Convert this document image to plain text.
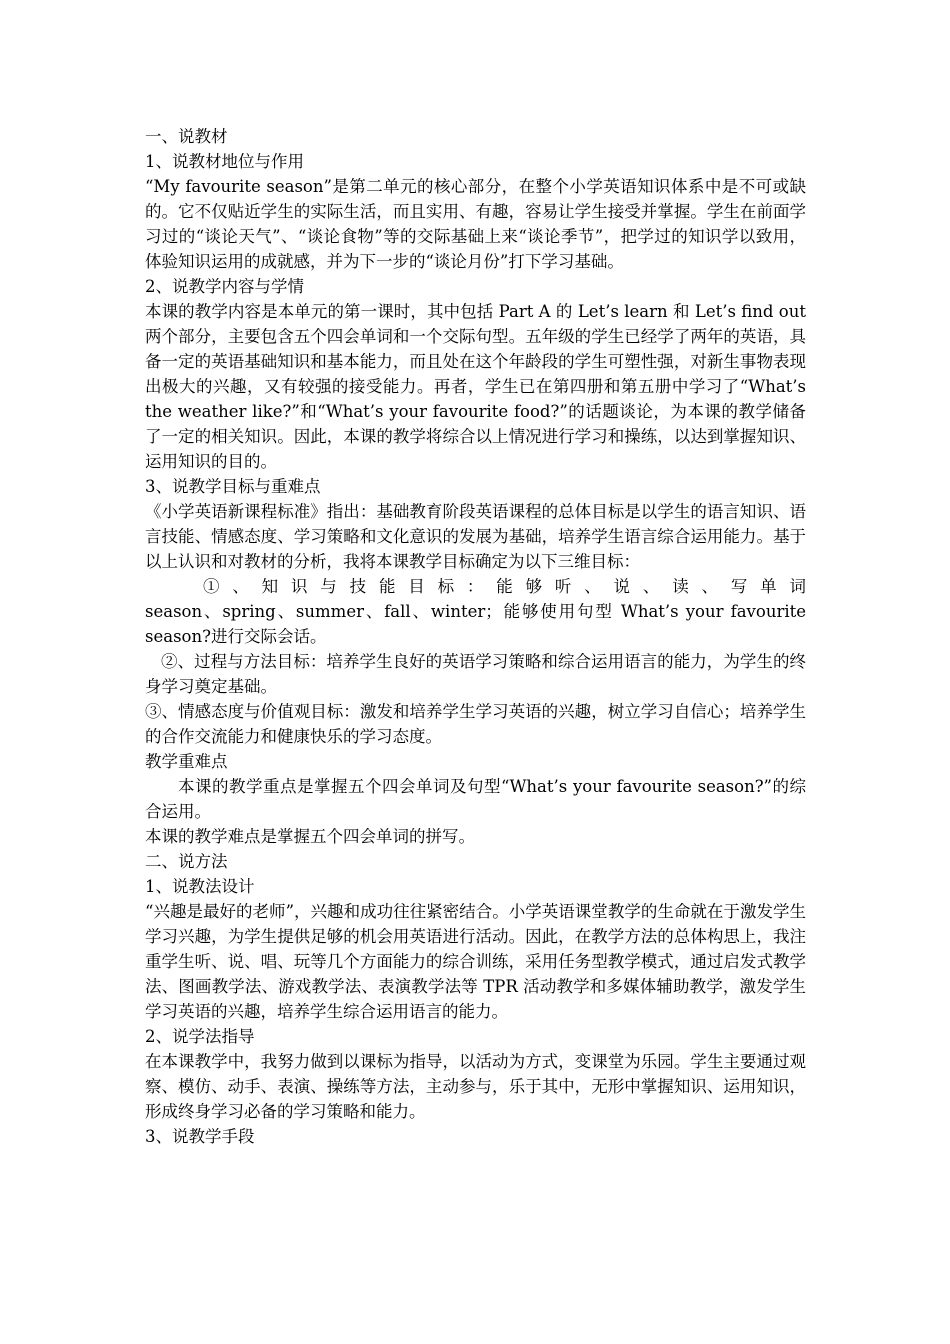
一、说教材

1、说教材地位与作用

“My favourite season”是第二单元的核心部分，在整个小学英语知识体系中是不可或缺的。它不仅贴近学生的实际生活，而且实用、有趣，容易让学生接受并掌握。学生在前面学习过的“谈论天气”、“谈论食物”等的交际基础上来“谈论季节”，把学过的知识学以致用，体验知识运用的成就感，并为下一步的“谈论月份”打下学习基础。

2、说教学内容与学情

本课的教学内容是本单元的第一课时，其中包括 Part A 的 Let’s learn 和 Let’s find out 两个部分，主要包含五个四会单词和一个交际句型。五年级的学生已经学了两年的英语，具备一定的英语基础知识和基本能力，而且处在这个年龄段的学生可塑性强，对新生事物表现出极大的兴趣，又有较强的接受能力。再者，学生已在第四册和第五册中学习了“What’s the weather like?”和“What’s your favourite food?”的话题谈论，为本课的教学储备了一定的相关知识。因此，本课的教学将综合以上情况进行学习和操练，以达到掌握知识、运用知识的目的。

3、说教学目标与重难点

《小学英语新课程标准》指出：基础教育阶段英语课程的总体目标是以学生的语言知识、语言技能、情感态度、学习策略和文化意识的发展为基础，培养学生语言综合运用能力。基于以上认识和对教材的分析，我将本课教学目标确定为以下三维目标：

①、知识与技能目标：能够听、说、读、写单词

season、spring、summer、fall、winter；能够使用句型 What’s your favourite season?进行交际会话。

②、过程与方法目标：培养学生良好的英语学习策略和综合运用语言的能力，为学生的终身学习奠定基础。

③、情感态度与价值观目标：激发和培养学生学习英语的兴趣，树立学习自信心；培养学生的合作交流能力和健康快乐的学习态度。

教学重难点

本课的教学重点是掌握五个四会单词及句型“What’s your favourite season?”的综合运用。

本课的教学难点是掌握五个四会单词的拼写。

二、说方法

1、说教法设计

“兴趣是最好的老师”，兴趣和成功往往紧密结合。小学英语课堂教学的生命就在于激发学生学习兴趣，为学生提供足够的机会用英语进行活动。因此，在教学方法的总体构思上，我注重学生听、说、唱、玩等几个方面能力的综合训练，采用任务型教学模式，通过启发式教学法、图画教学法、游戏教学法、表演教学法等 TPR 活动教学和多媒体辅助教学，激发学生学习英语的兴趣，培养学生综合运用语言的能力。

2、说学法指导

在本课教学中，我努力做到以课标为指导，以活动为方式，变课堂为乐园。学生主要通过观察、模仿、动手、表演、操练等方法，主动参与，乐于其中，无形中掌握知识、运用知识，形成终身学习必备的学习策略和能力。

3、说教学手段
